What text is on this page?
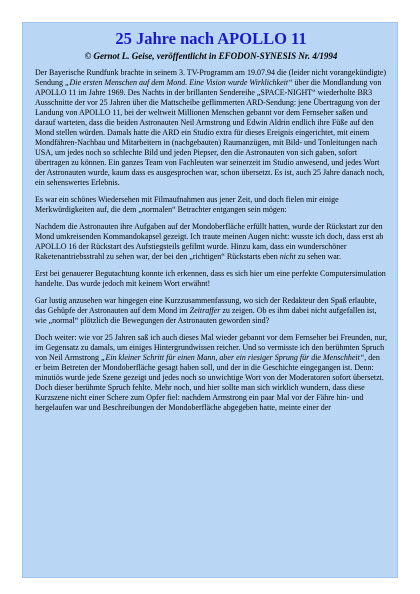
25 Jahre nach APOLLO 11
© Gernot L. Geise, veröffentlicht in EFODON-SYNESIS Nr. 4/1994

Der Bayerische Rundfunk brachte in seinem 3. TV-Programm am 19.07.94 die (leider nicht vorangekündigte) Sendung „Die ersten Menschen auf dem Mond. Eine Vision wurde Wirklichkeit“ über die Mondlandung von APOLLO 11 im Jahre 1969. Des Nachts in der brillanten Sendereihe „SPACE-NIGHT“ wiederholte BR3 Ausschnitte der vor 25 Jahren über die Mattscheibe geflimmerten ARD-Sendung: jene Übertragung von der Landung von APOLLO 11, bei der weltweit Millionen Menschen gebannt vor dem Fernseher saßen und darauf warteten, dass die beiden Astronauten Neil Armstrong und Edwin Aldrin endlich ihre Füße auf den Mond stellen würden. Damals hatte die ARD ein Studio extra für dieses Ereignis eingerichtet, mit einem Mondfähren-Nachbau und Mitarbeitern in (nachgebauten) Raumanzügen, mit Bild- und Tonleitungen nach USA, um jedes noch so schlechte Bild und jeden Piepser, den die Astronauten von sich gaben, sofort übertragen zu können. Ein ganzes Team von Fachleuten war seinerzeit im Studio anwesend, und jedes Wort der Astronauten wurde, kaum dass es ausgesprochen war, schon übersetzt. Es ist, auch 25 Jahre danach noch, ein sehenswertes Erlebnis.

Es war ein schönes Wiedersehen mit Filmaufnahmen aus jener Zeit, und doch fielen mir einige Merkwürdigkeiten auf, die dem „normalen“ Betrachter entgangen sein mögen:

Nachdem die Astronauten ihre Aufgaben auf der Mondoberfläche erfüllt hatten, wurde der Rückstart zur den Mond umkreisenden Kommandokapsel gezeigt. Ich traute meinen Augen nicht: wusste ich doch, dass erst ab APOLLO 16 der Rückstart des Aufstiegsteils gefilmt wurde. Hinzu kam, dass ein wunderschöner Raketenantriebsstrahl zu sehen war, der bei den „richtigen“ Rückstarts eben nicht zu sehen war.

Erst bei genauerer Begutachtung konnte ich erkennen, dass es sich hier um eine perfekte Computersimulation handelte. Das wurde jedoch mit keinem Wort erwähnt!

Gar lustig anzusehen war hingegen eine Kurzzusammenfassung, wo sich der Redakteur den Spaß erlaubte, das Gehüpfe der Astronauten auf dem Mond im Zeitraffer zu zeigen. Ob es ihm dabei nicht aufgefallen ist, wie „normal“ plötzlich die Bewegungen der Astronauten geworden sind?

Doch weiter: wie vor 25 Jahren saß ich auch dieses Mal wieder gebannt vor dem Fernseher bei Freunden, nur, im Gegensatz zu damals, um einiges Hintergrundwissen reicher. Und so vermisste ich den berühmten Spruch von Neil Armstrong „Ein kleiner Schritt für einen Mann, aber ein riesiger Sprung für die Menschheit“, den er beim Betreten der Mondoberfläche gesagt haben soll, und der in die Geschichte eingegangen ist. Denn: minutiös wurde jede Szene gezeigt und jedes noch so unwichtige Wort von der Moderatoren sofort übersetzt. Doch dieser berühmte Spruch fehlte. Mehr noch, und hier sollte man sich wirklich wundern, dass diese Kurzszene nicht einer Schere zum Opfer fiel: nachdem Armstrong ein paar Mal vor der Fähre hin- und hergelaufen war und Beschreibungen der Mondoberfläche abgegeben hatte, meinte einer der
